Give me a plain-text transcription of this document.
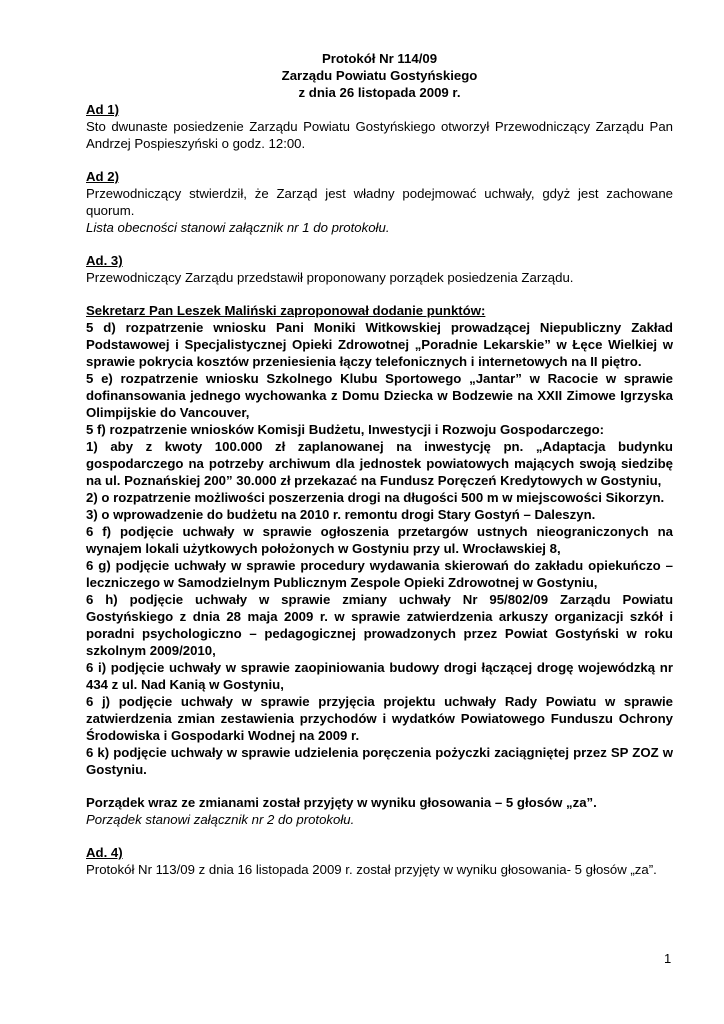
Protokół Nr 114/09
Zarządu Powiatu Gostyńskiego
z dnia 26 listopada 2009 r.
Ad 1)
Sto dwunaste posiedzenie Zarządu Powiatu Gostyńskiego otworzył Przewodniczący Zarządu Pan Andrzej Pospieszyński o godz. 12:00.
Ad 2)
Przewodniczący stwierdził, że Zarząd jest władny podejmować uchwały, gdyż jest zachowane quorum.
Lista obecności stanowi załącznik nr 1 do protokołu.
Ad. 3)
Przewodniczący Zarządu przedstawił proponowany porządek posiedzenia Zarządu.
Sekretarz Pan Leszek Maliński zaproponował dodanie punktów:
5 d) rozpatrzenie wniosku Pani Moniki Witkowskiej prowadzącej Niepubliczny Zakład Podstawowej i Specjalistycznej Opieki Zdrowotnej „Poradnie Lekarskie” w Łęce Wielkiej w sprawie pokrycia kosztów przeniesienia łączy telefonicznych i internetowych na II piętro.
5 e) rozpatrzenie wniosku Szkolnego Klubu Sportowego „Jantar” w Racocie w sprawie dofinansowania jednego wychowanka z Domu Dziecka w Bodzewie na XXII Zimowe Igrzyska Olimpijskie do Vancouver,
5 f) rozpatrzenie wniosków Komisji Budżetu, Inwestycji i Rozwoju Gospodarczego:
1) aby z kwoty 100.000 zł zaplanowanej na inwestycję pn. „Adaptacja budynku gospodarczego na potrzeby archiwum dla jednostek powiatowych mających swoją siedzibę na ul. Poznańskiej 200” 30.000 zł przekazać na Fundusz Poręczeń Kredytowych w Gostyniu,
2) o rozpatrzenie możliwości poszerzenia drogi na długości 500 m w miejscowości Sikorzyn.
3) o wprowadzenie do budżetu na 2010 r. remontu drogi Stary Gostyń – Daleszyn.
6 f) podjęcie uchwały w sprawie ogłoszenia przetargów ustnych nieograniczonych na wynajem lokali użytkowych położonych w Gostyniu przy ul. Wrocławskiej 8,
6 g) podjęcie uchwały w sprawie procedury wydawania skierowań do zakładu opiekuńczo – leczniczego w Samodzielnym Publicznym Zespole Opieki Zdrowotnej w Gostyniu,
6 h) podjęcie uchwały w sprawie zmiany uchwały Nr 95/802/09 Zarządu Powiatu Gostyńskiego z dnia 28 maja 2009 r. w sprawie zatwierdzenia arkuszy organizacji szkół i poradni psychologiczno – pedagogicznej prowadzonych przez Powiat Gostyński w roku szkolnym 2009/2010,
6 i) podjęcie uchwały w sprawie zaopiniowania budowy drogi łączącej drogę wojewódzką nr 434 z ul. Nad Kanią w Gostyniu,
6 j) podjęcie uchwały w sprawie przyjęcia projektu uchwały Rady Powiatu w sprawie zatwierdzenia zmian zestawienia przychodów i wydatków Powiatowego Funduszu Ochrony Środowiska i Gospodarki Wodnej na 2009 r.
6 k) podjęcie uchwały w sprawie udzielenia poręczenia pożyczki zaciągniętej przez SP ZOZ w Gostyniu.
Porządek wraz ze zmianami został przyjęty w wyniku głosowania – 5 głosów „za”.
Porządek stanowi załącznik nr 2 do protokołu.
Ad. 4)
Protokół Nr 113/09 z dnia 16 listopada 2009 r. został przyjęty w wyniku głosowania- 5 głosów „za”.
1
